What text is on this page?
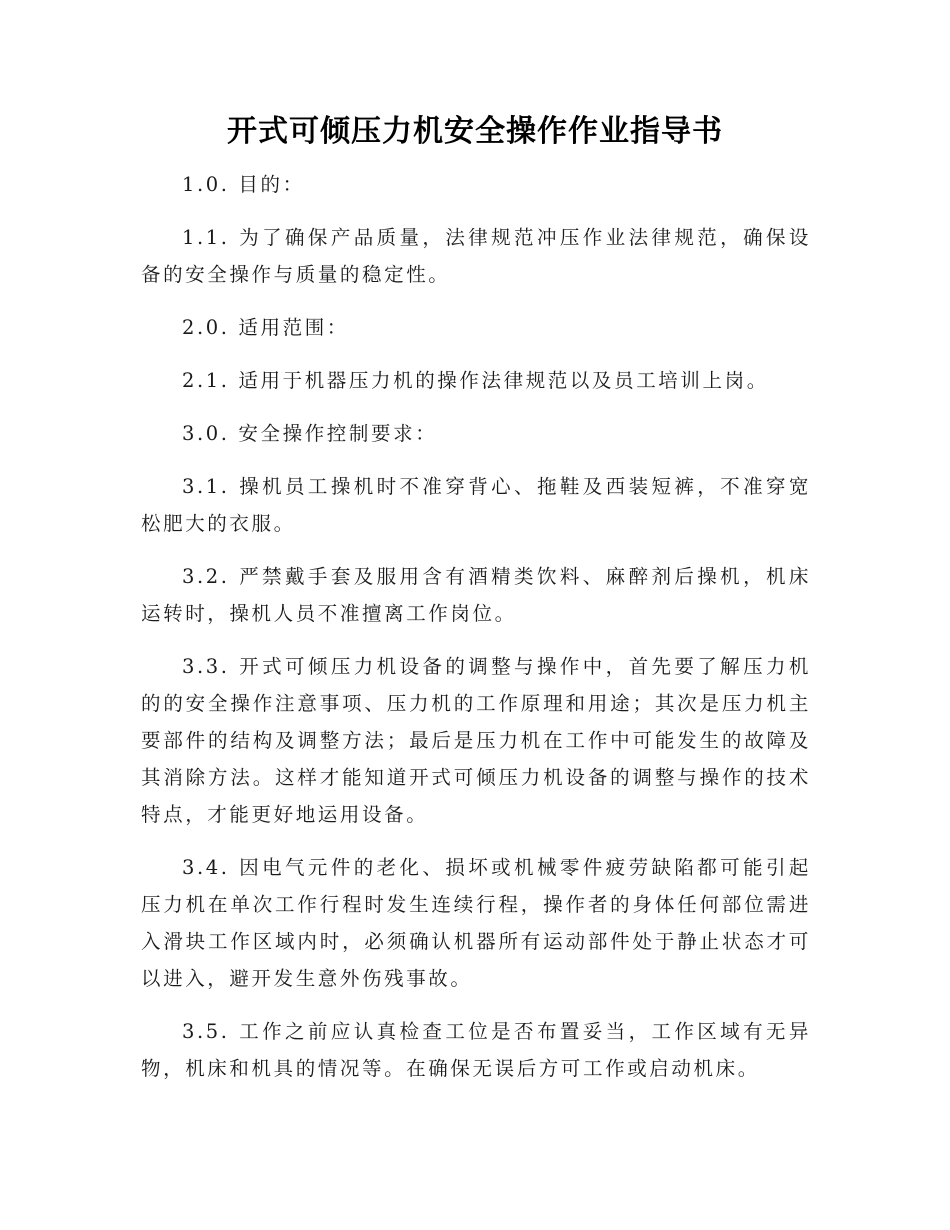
开式可倾压力机安全操作作业指导书

1.0. 目的：

1.1. 为了确保产品质量，法律规范冲压作业法律规范，确保设备的安全操作与质量的稳定性。

2.0. 适用范围：

2.1. 适用于机器压力机的操作法律规范以及员工培训上岗。

3.0. 安全操作控制要求：

3.1. 操机员工操机时不准穿背心、拖鞋及西装短裤，不准穿宽松肥大的衣服。

3.2. 严禁戴手套及服用含有酒精类饮料、麻醉剂后操机，机床运转时，操机人员不准擅离工作岗位。

3.3. 开式可倾压力机设备的调整与操作中，首先要了解压力机的的安全操作注意事项、压力机的工作原理和用途；其次是压力机主要部件的结构及调整方法；最后是压力机在工作中可能发生的故障及其消除方法。这样才能知道开式可倾压力机设备的调整与操作的技术特点，才能更好地运用设备。

3.4. 因电气元件的老化、损坏或机械零件疲劳缺陷都可能引起压力机在单次工作行程时发生连续行程，操作者的身体任何部位需进入滑块工作区域内时，必须确认机器所有运动部件处于静止状态才可以进入，避开发生意外伤残事故。

3.5. 工作之前应认真检查工位是否布置妥当，工作区域有无异物，机床和机具的情况等。在确保无误后方可工作或启动机床。
